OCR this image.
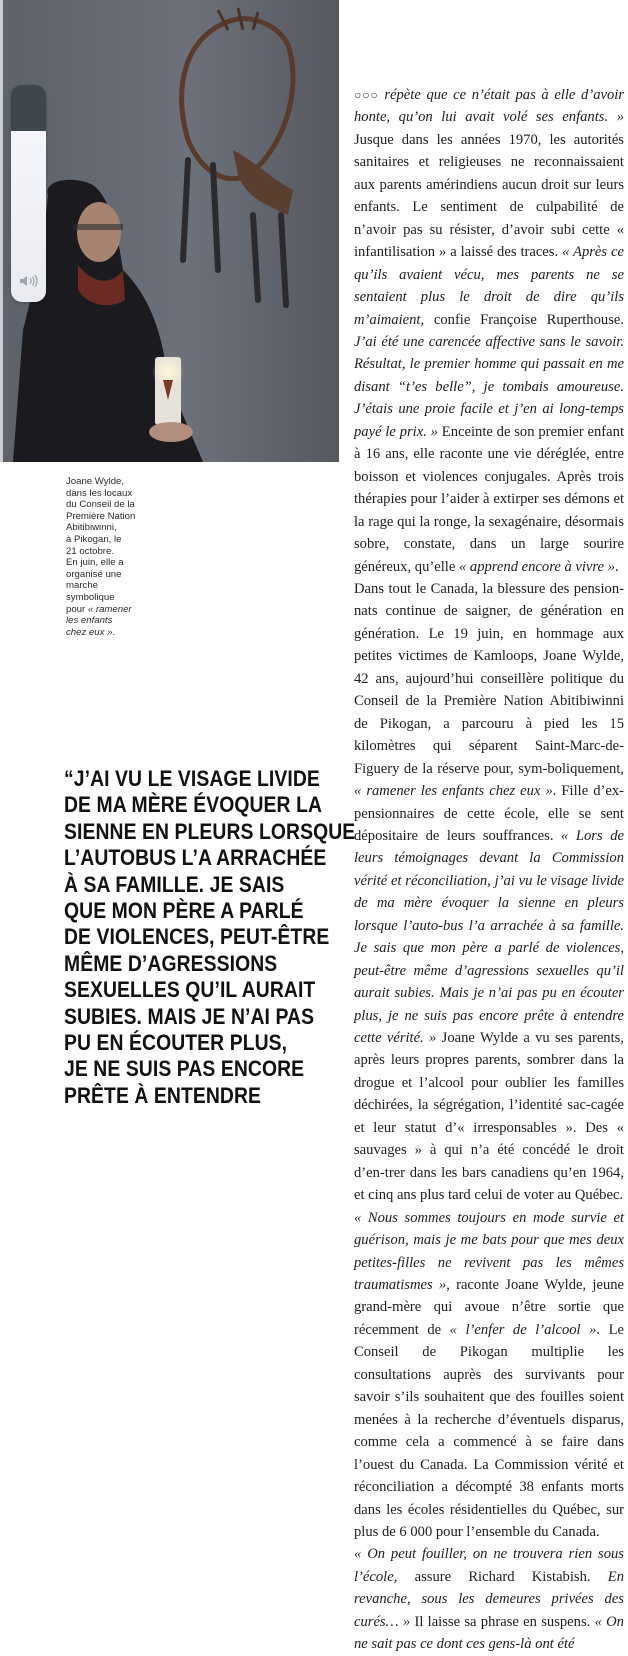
Joane Wylde,

dans les locaux

du Conseil de la

Première Nation

Abitibiwinni,

à Pikogan, le

21 octobre.

En juin, elle a

organisé une

marche

symbolique

pour « ramener

les enfants

chez eux ».

“J’AI VU LE VISAGE LIVIDE
DE MA MÈRE ÉVOQUER LA
SIENNE EN PLEURS LORSQUE
L’AUTOBUS L’A ARRACHÉE
À SA FAMILLE. JE SAIS
QUE MON PÈRE A PARLÉ
DE VIOLENCES, PEUT-ÊTRE
MÊME D’AGRESSIONS
SEXUELLES QU’IL AURAIT
SUBIES. MAIS JE N’AI PAS
PU EN ÉCOUTER PLUS,
JE NE SUIS PAS ENCORE
PRÊTE À ENTENDRE

○○○ répète que ce n’était pas à elle d’avoir honte, qu’on lui avait volé ses enfants. » Jusque dans les années 1970, les autorités sanitaires et religieuses ne reconnaissaient aux parents amérindiens aucun droit sur leurs enfants. Le sentiment de culpabilité de n’avoir pas su résister, d’avoir subi cette « infantilisation » a laissé des traces. « Après ce qu’ils avaient vécu, mes parents ne se sentaient plus le droit de dire qu’ils m’aimaient, confie Françoise Ruperthouse. J’ai été une carencée affective sans le savoir. Résultat, le premier homme qui passait en me disant “t’es belle”, je tombais amoureuse. J’étais une proie facile et j’en ai long-temps payé le prix. » Enceinte de son premier enfant à 16 ans, elle raconte une vie déréglée, entre boisson et violences conjugales. Après trois thérapies pour l’aider à extirper ses démons et la rage qui la ronge, la sexagénaire, désormais sobre, constate, dans un large sourire généreux, qu’elle « apprend encore à vivre ».

Dans tout le Canada, la blessure des pension-nats continue de saigner, de génération en génération. Le 19 juin, en hommage aux petites victimes de Kamloops, Joane Wylde, 42 ans, aujourd’hui conseillère politique du Conseil de la Première Nation Abitibiwinni de Pikogan, a parcouru à pied les 15 kilomètres qui séparent Saint-Marc-de-Figuery de la réserve pour, sym-boliquement, « ramener les enfants chez eux ». Fille d’ex-pensionnaires de cette école, elle se sent dépositaire de leurs souffrances. « Lors de leurs témoignages devant la Commission vérité et réconciliation, j’ai vu le visage livide de ma mère évoquer la sienne en pleurs lorsque l’auto-bus l’a arrachée à sa famille. Je sais que mon père a parlé de violences, peut-être même d’agressions sexuelles qu’il aurait subies. Mais je n’ai pas pu en écouter plus, je ne suis pas encore prête à entendre cette vérité. » Joane Wylde a vu ses parents, après leurs propres parents, sombrer dans la drogue et l’alcool pour oublier les familles déchirées, la ségrégation, l’identité sac-cagée et leur statut d’« irresponsables ». Des « sauvages » à qui n’a été concédé le droit d’en-trer dans les bars canadiens qu’en 1964, et cinq ans plus tard celui de voter au Québec.

« Nous sommes toujours en mode survie et guérison, mais je me bats pour que mes deux petites-filles ne revivent pas les mêmes traumatismes », raconte Joane Wylde, jeune grand-mère qui avoue n’être sortie que récemment de « l’enfer de l’alcool ». Le Conseil de Pikogan multiplie les consultations auprès des survivants pour savoir s’ils souhaitent que des fouilles soient menées à la recherche d’éventuels disparus, comme cela a commencé à se faire dans l’ouest du Canada. La Commission vérité et réconciliation a décompté 38 enfants morts dans les écoles résidentielles du Québec, sur plus de 6 000 pour l’ensemble du Canada.

« On peut fouiller, on ne trouvera rien sous l’école, assure Richard Kistabish. En revanche, sous les demeures privées des curés… » Il laisse sa phrase en suspens. « On ne sait pas ce dont ces gens-là ont été
